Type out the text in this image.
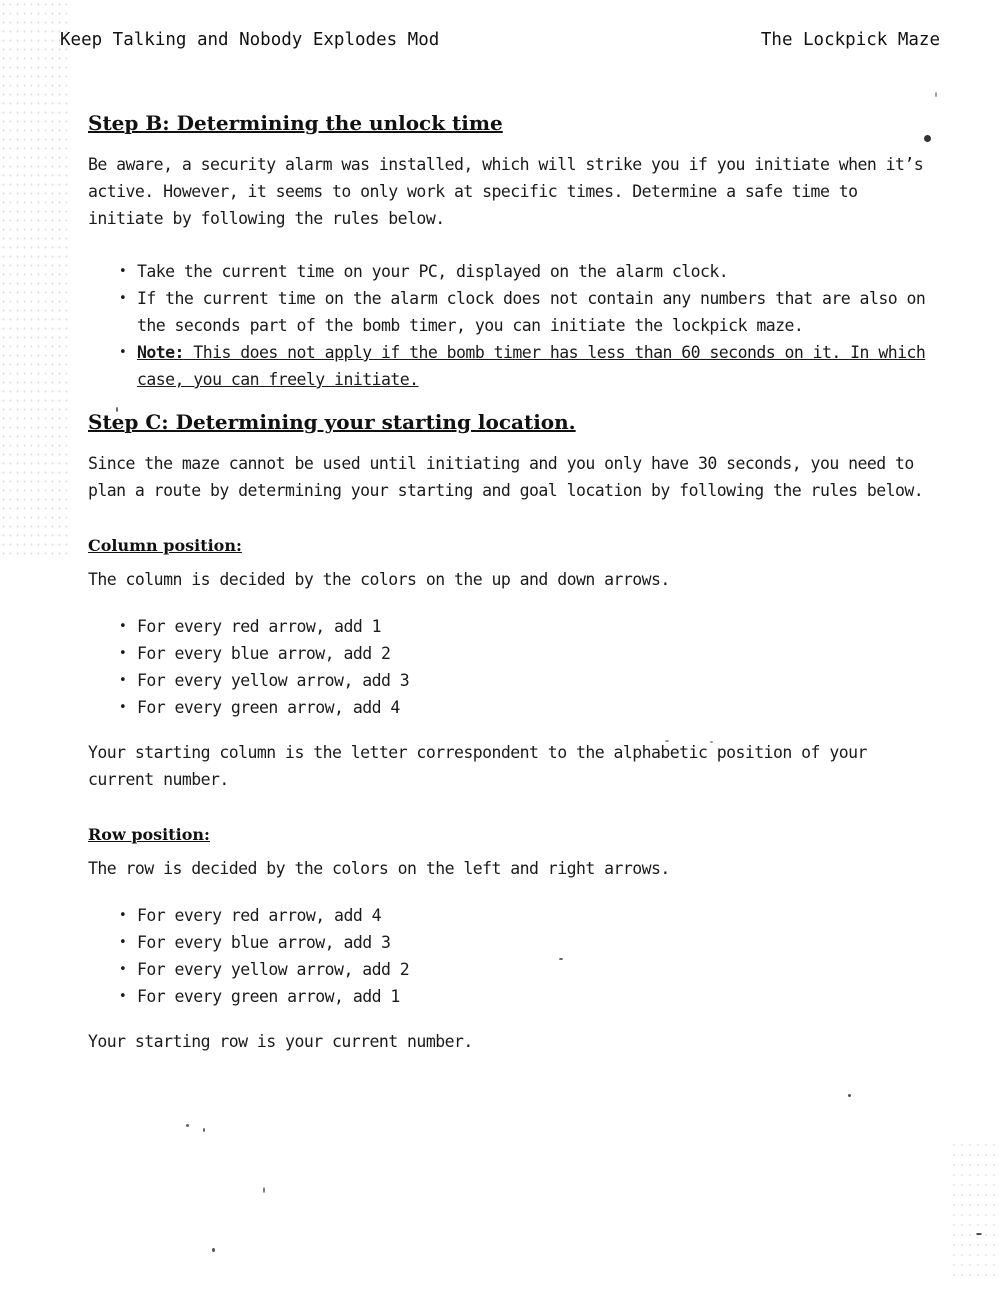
Keep Talking and Nobody Explodes Mod	The Lockpick Maze
Step B: Determining the unlock time

Be aware, a security alarm was installed, which will strike you if you initiate when it’s active. However, it seems to only work at specific times. Determine a safe time to initiate by following the rules below.

• Take the current time on your PC, displayed on the alarm clock.
• If the current time on the alarm clock does not contain any numbers that are also on the seconds part of the bomb timer, you can initiate the lockpick maze.
• Note: This does not apply if the bomb timer has less than 60 seconds on it. In which case, you can freely initiate.
Step C: Determining your starting location.

Since the maze cannot be used until initiating and you only have 30 seconds, you need to plan a route by determining your starting and goal location by following the rules below.

Column position:

The column is decided by the colors on the up and down arrows.

• For every red arrow, add 1
• For every blue arrow, add 2
• For every yellow arrow, add 3
• For every green arrow, add 4

Your starting column is the letter correspondent to the alphabetic position of your current number.

Row position:

The row is decided by the colors on the left and right arrows.

• For every red arrow, add 4
• For every blue arrow, add 3
• For every yellow arrow, add 2
• For every green arrow, add 1

Your starting row is your current number.
